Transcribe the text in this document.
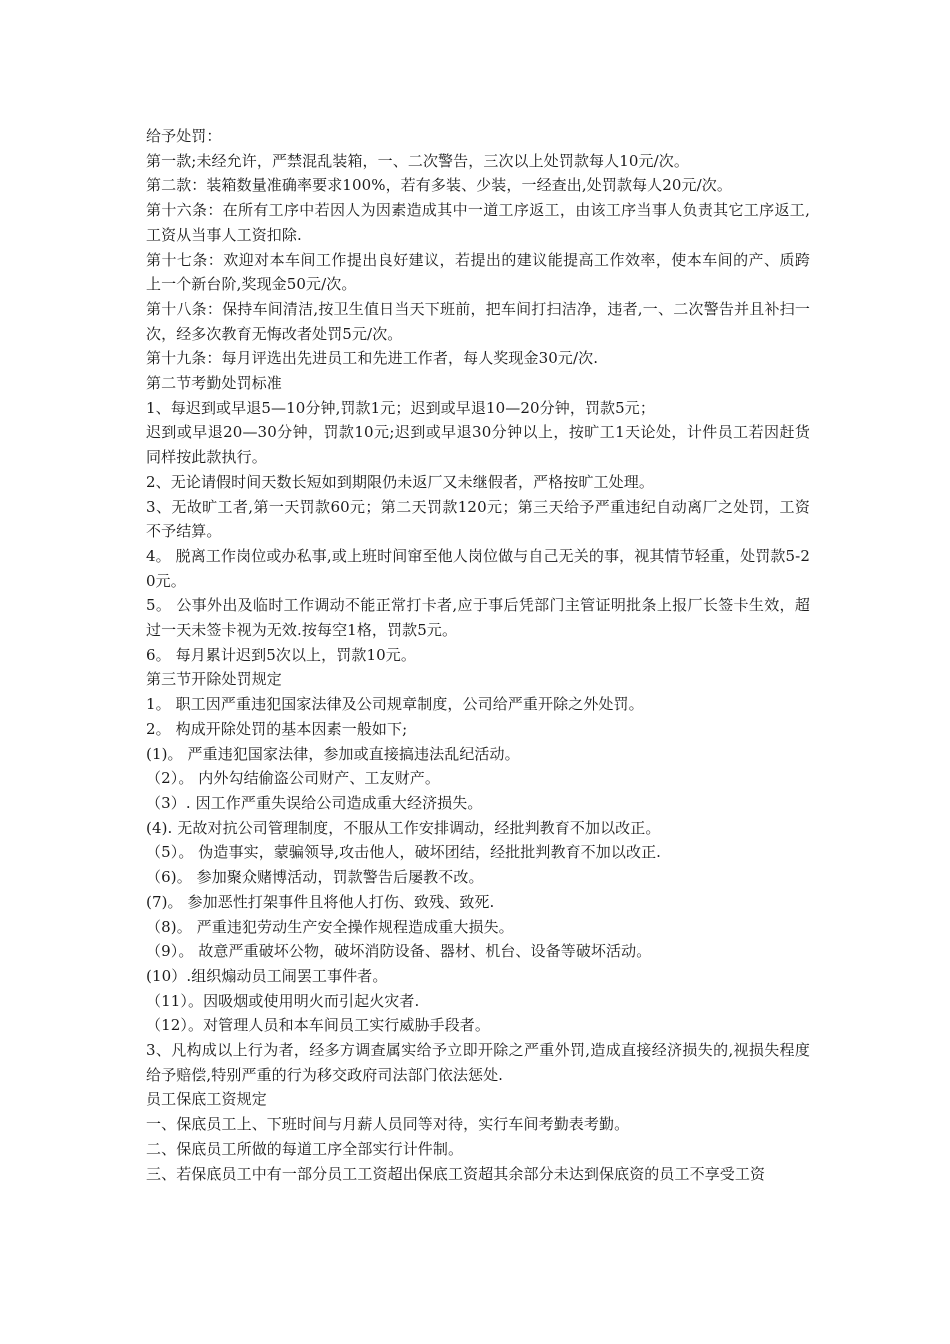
给予处罚：

第一款;未经允许，严禁混乱装箱，一、二次警告，三次以上处罚款每人10元/次。

第二款：装箱数量准确率要求100%，若有多装、少装，一经查出,处罚款每人20元/次。

第十六条：在所有工序中若因人为因素造成其中一道工序返工，由该工序当事人负责其它工序返工,工资从当事人工资扣除.

第十七条：欢迎对本车间工作提出良好建议，若提出的建议能提高工作效率，使本车间的产、质跨上一个新台阶,奖现金50元/次。

第十八条：保持车间清洁,按卫生值日当天下班前，把车间打扫洁净，违者,一、二次警告并且补扫一次，经多次教育无悔改者处罚5元/次。

第十九条：每月评选出先进员工和先进工作者，每人奖现金30元/次.

第二节考勤处罚标准

1、每迟到或早退5—10分钟,罚款1元；迟到或早退10—20分钟，罚款5元；

迟到或早退20—30分钟，罚款10元;迟到或早退30分钟以上，按旷工1天论处，计件员工若因赶货同样按此款执行。

2、无论请假时间天数长短如到期限仍未返厂又未继假者，严格按旷工处理。

3、无故旷工者,第一天罚款60元；第二天罚款120元；第三天给予严重违纪自动离厂之处罚，工资不予结算。

4。 脱离工作岗位或办私事,或上班时间窜至他人岗位做与自己无关的事，视其情节轻重，处罚款5-20元。

5。 公事外出及临时工作调动不能正常打卡者,应于事后凭部门主管证明批条上报厂长签卡生效，超过一天未签卡视为无效.按每空1格，罚款5元。

6。 每月累计迟到5次以上，罚款10元。

第三节开除处罚规定

1。 职工因严重违犯国家法律及公司规章制度，公司给严重开除之外处罚。

2。 构成开除处罚的基本因素一般如下;

(1)。 严重违犯国家法律，参加或直接搞违法乱纪活动。

（2）。 内外勾结偷盗公司财产、工友财产。

（3）. 因工作严重失误给公司造成重大经济损失。

(4). 无故对抗公司管理制度，不服从工作安排调动，经批判教育不加以改正。

（5）。 伪造事实，蒙骗领导,攻击他人，破坏团结，经批批判教育不加以改正.

（6)。 参加聚众赌博活动，罚款警告后屡教不改。

(7)。 参加恶性打架事件且将他人打伤、致残、致死.

（8)。 严重违犯劳动生产安全操作规程造成重大损失。

（9）。 故意严重破坏公物，破坏消防设备、器材、机台、设备等破坏活动。

(10）.组织煽动员工闹罢工事件者。

（11）。因吸烟或使用明火而引起火灾者.

（12）。对管理人员和本车间员工实行威胁手段者。

3、凡构成以上行为者，经多方调查属实给予立即开除之严重外罚,造成直接经济损失的,视损失程度给予赔偿,特别严重的行为移交政府司法部门依法惩处.

员工保底工资规定

一、保底员工上、下班时间与月薪人员同等对待，实行车间考勤表考勤。

二、保底员工所做的每道工序全部实行计件制。

三、若保底员工中有一部分员工工资超出保底工资超其余部分未达到保底资的员工不享受工资
